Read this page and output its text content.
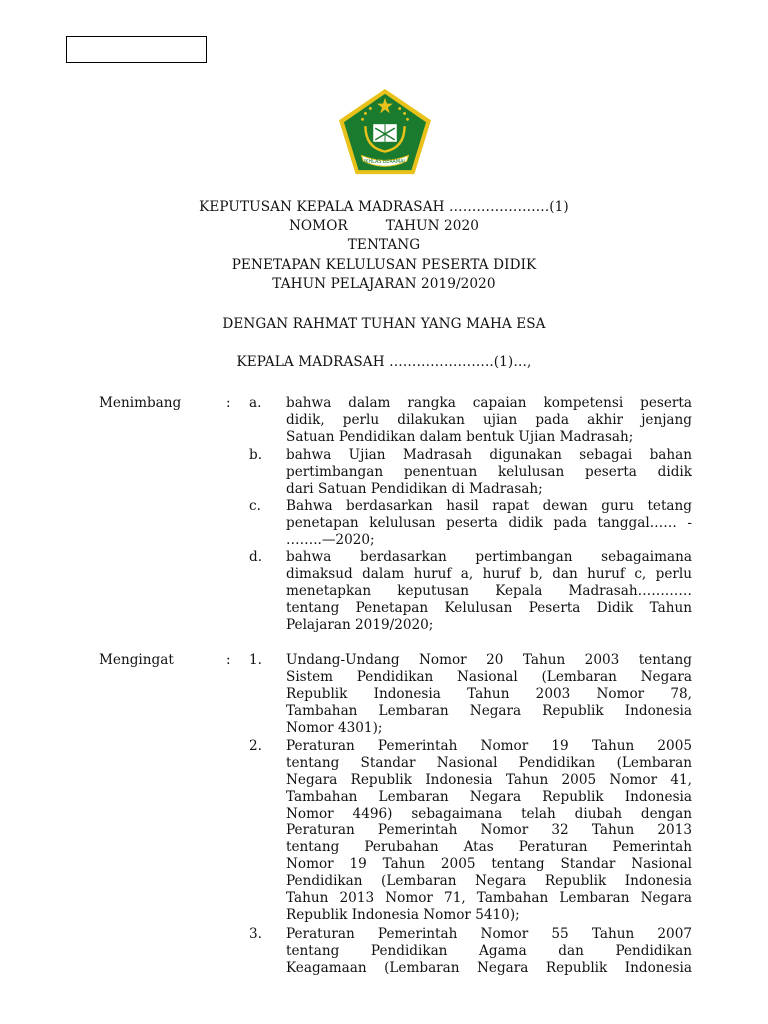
IKHLAS BERAMAL
KEPUTUSAN KEPALA MADRASAH ………………….(1)
NOMOR	TAHUN 2020
TENTANG
PENETAPAN KELULUSAN PESERTA DIDIK
TAHUN PELAJARAN 2019/2020
DENGAN RAHMAT TUHAN YANG MAHA ESA
KEPALA MADRASAH …………………..(1)…,
Menimbang	: a. bahwa dalam rangka capaian kompetensi peserta
didik, perlu dilakukan ujian pada akhir jenjang
Satuan Pendidikan dalam bentuk Ujian Madrasah;
b. bahwa Ujian Madrasah digunakan sebagai bahan
pertimbangan penentuan kelulusan peserta didik
dari Satuan Pendidikan di Madrasah;
c. Bahwa berdasarkan hasil rapat dewan guru tetang
penetapan kelulusan peserta didik pada tanggal…… -
……..—2020;
d. bahwa berdasarkan pertimbangan sebagaimana
dimaksud dalam huruf a, huruf b, dan huruf c, perlu
menetapkan keputusan Kepala Madrasah…………
tentang Penetapan Kelulusan Peserta Didik Tahun
Pelajaran 2019/2020;
Mengingat	: 1. Undang-Undang Nomor 20 Tahun 2003 tentang
Sistem Pendidikan Nasional (Lembaran Negara
Republik Indonesia Tahun 2003 Nomor 78,
Tambahan Lembaran Negara Republik Indonesia
Nomor 4301);
2. Peraturan Pemerintah Nomor 19 Tahun 2005
tentang Standar Nasional Pendidikan (Lembaran
Negara Republik Indonesia Tahun 2005 Nomor 41,
Tambahan Lembaran Negara Republik Indonesia
Nomor 4496) sebagaimana telah diubah dengan
Peraturan Pemerintah Nomor 32 Tahun 2013
tentang Perubahan Atas Peraturan Pemerintah
Nomor 19 Tahun 2005 tentang Standar Nasional
Pendidikan (Lembaran Negara Republik Indonesia
Tahun 2013 Nomor 71, Tambahan Lembaran Negara
Republik Indonesia Nomor 5410);
3. Peraturan Pemerintah Nomor 55 Tahun 2007
tentang Pendidikan Agama dan Pendidikan
Keagamaan (Lembaran Negara Republik Indonesia
